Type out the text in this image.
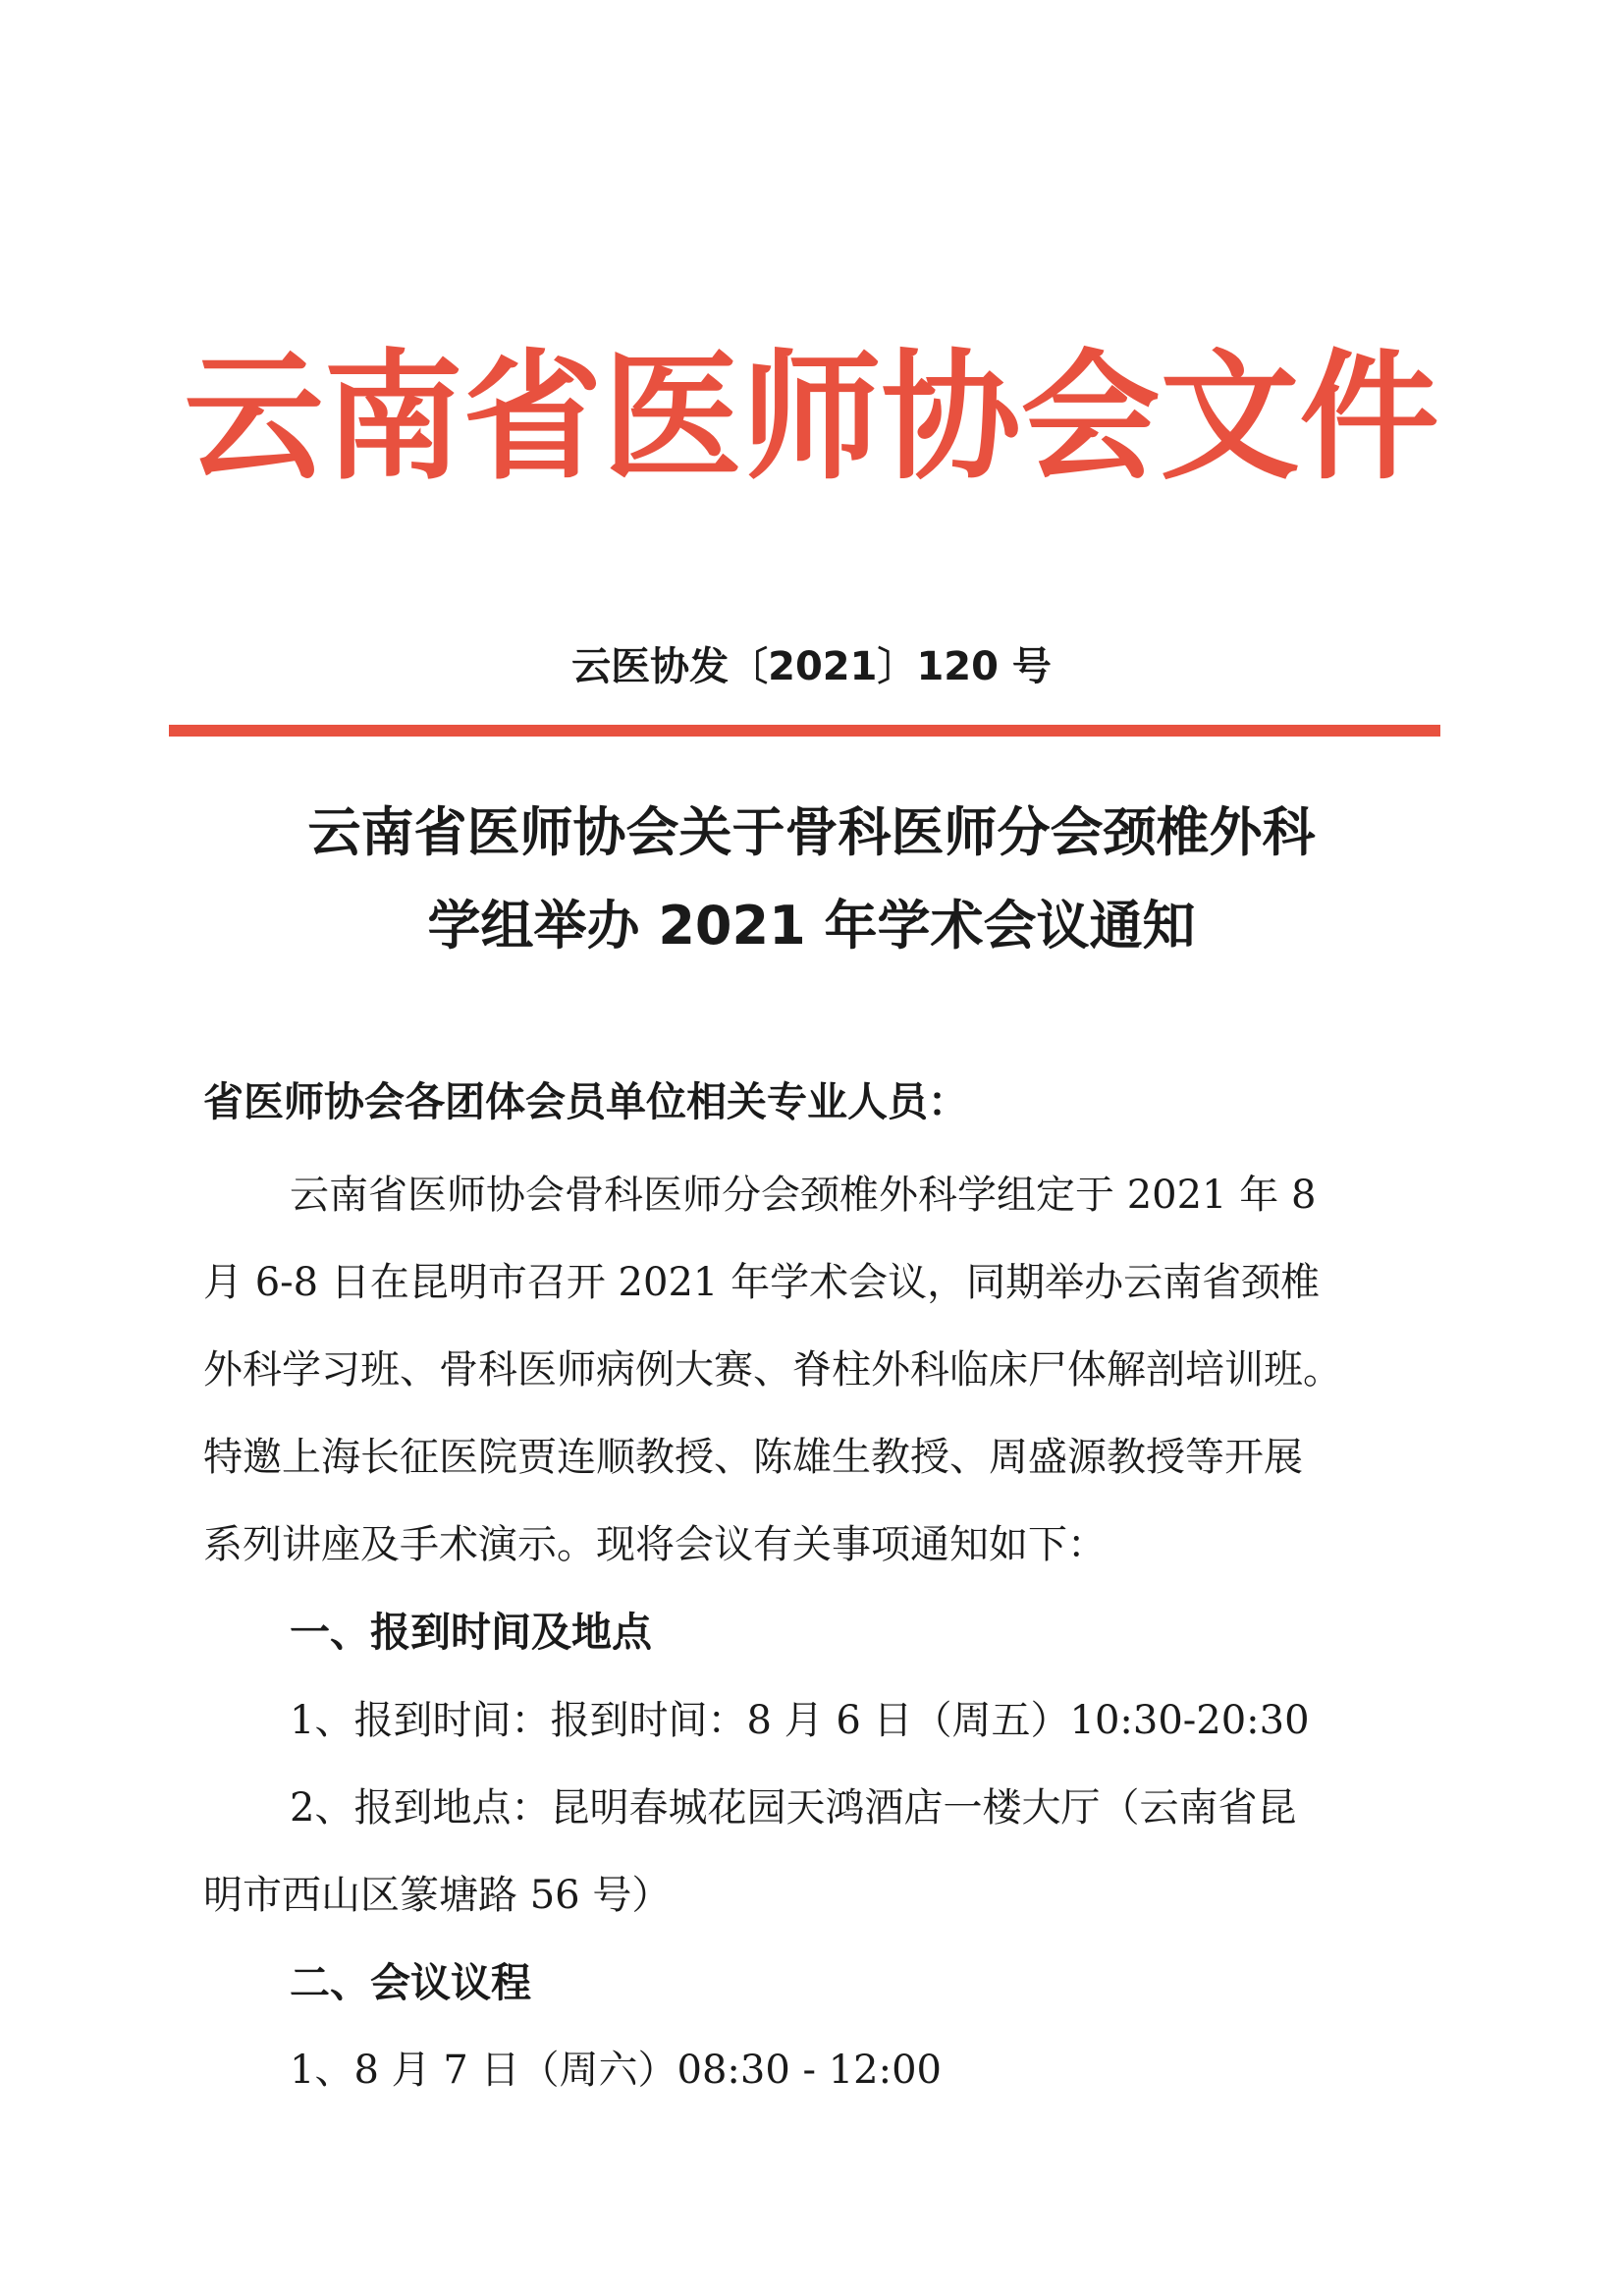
云南省医师协会文件
云医协发〔2021〕120 号
云南省医师协会关于骨科医师分会颈椎外科
学组举办 2021 年学术会议通知
省医师协会各团体会员单位相关专业人员：
云南省医师协会骨科医师分会颈椎外科学组定于 2021 年 8
月 6-8 日在昆明市召开 2021 年学术会议，同期举办云南省颈椎
外科学习班、骨科医师病例大赛、脊柱外科临床尸体解剖培训班。
特邀上海长征医院贾连顺教授、陈雄生教授、周盛源教授等开展
系列讲座及手术演示。现将会议有关事项通知如下：
一、报到时间及地点
1、报到时间：报到时间：8 月 6 日（周五）10:30-20:30
2、报到地点：昆明春城花园天鸿酒店一楼大厅（云南省昆
明市西山区篆塘路 56 号）
二、会议议程
1、8 月 7 日（周六）08:30 - 12:00
